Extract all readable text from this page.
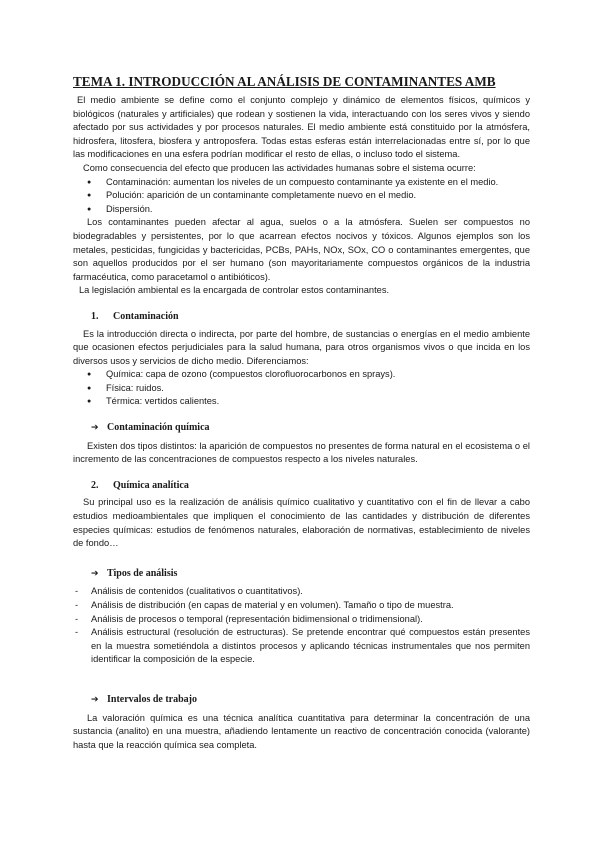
TEMA 1. INTRODUCCIÓN AL ANÁLISIS DE CONTAMINANTES AMB

El medio ambiente se define como el conjunto complejo y dinámico de elementos físicos, químicos y biológicos (naturales y artificiales) que rodean y sostienen la vida, interactuando con los seres vivos y siendo afectado por sus actividades y por procesos naturales. El medio ambiente está constituido por la atmósfera, hidrosfera, litosfera, biosfera y antroposfera. Todas estas esferas están interrelacionadas entre sí, por lo que las modificaciones en una esfera podrían modificar el resto de ellas, o incluso todo el sistema.

Como consecuencia del efecto que producen las actividades humanas sobre el sistema ocurre:

● Contaminación: aumentan los niveles de un compuesto contaminante ya existente en el medio.
● Polución: aparición de un contaminante completamente nuevo en el medio.
● Dispersión.

Los contaminantes pueden afectar al agua, suelos o a la atmósfera. Suelen ser compuestos no biodegradables y persistentes, por lo que acarrean efectos nocivos y tóxicos. Algunos ejemplos son los metales, pesticidas, fungicidas y bactericidas, PCBs, PAHs, NOx, SOx, CO o contaminantes emergentes, que son aquellos producidos por el ser humano (son mayoritariamente compuestos orgánicos de la industria farmacéutica, como paracetamol o antibióticos).

La legislación ambiental es la encargada de controlar estos contaminantes.

1. Contaminación

Es la introducción directa o indirecta, por parte del hombre, de sustancias o energías en el medio ambiente que ocasionen efectos perjudiciales para la salud humana, para otros organismos vivos o que incida en los diversos usos y servicios de dicho medio. Diferenciamos:

● Química: capa de ozono (compuestos clorofluorocarbonos en sprays).
● Física: ruidos.
● Térmica: vertidos calientes.
➔ Contaminación química

Existen dos tipos distintos: la aparición de compuestos no presentes de forma natural en el ecosistema o el incremento de las concentraciones de compuestos respecto a los niveles naturales.

2. Química analítica

Su principal uso es la realización de análisis químico cualitativo y cuantitativo con el fin de llevar a cabo estudios medioambientales que impliquen el conocimiento de las cantidades y distribución de diferentes especies químicas: estudios de fenómenos naturales, elaboración de normativas, establecimiento de niveles de fondo…

➔ Tipos de análisis
- Análisis de contenidos (cualitativos o cuantitativos).
- Análisis de distribución (en capas de material y en volumen). Tamaño o tipo de muestra.
- Análisis de procesos o temporal (representación bidimensional o tridimensional).
- Análisis estructural (resolución de estructuras). Se pretende encontrar qué compuestos están presentes en la muestra sometiéndola a distintos procesos y aplicando técnicas instrumentales que nos permiten identificar la composición de la especie.
➔ Intervalos de trabajo

La valoración química es una técnica analítica cuantitativa para determinar la concentración de una sustancia (analito) en una muestra, añadiendo lentamente un reactivo de concentración conocida (valorante) hasta que la reacción química sea completa.
